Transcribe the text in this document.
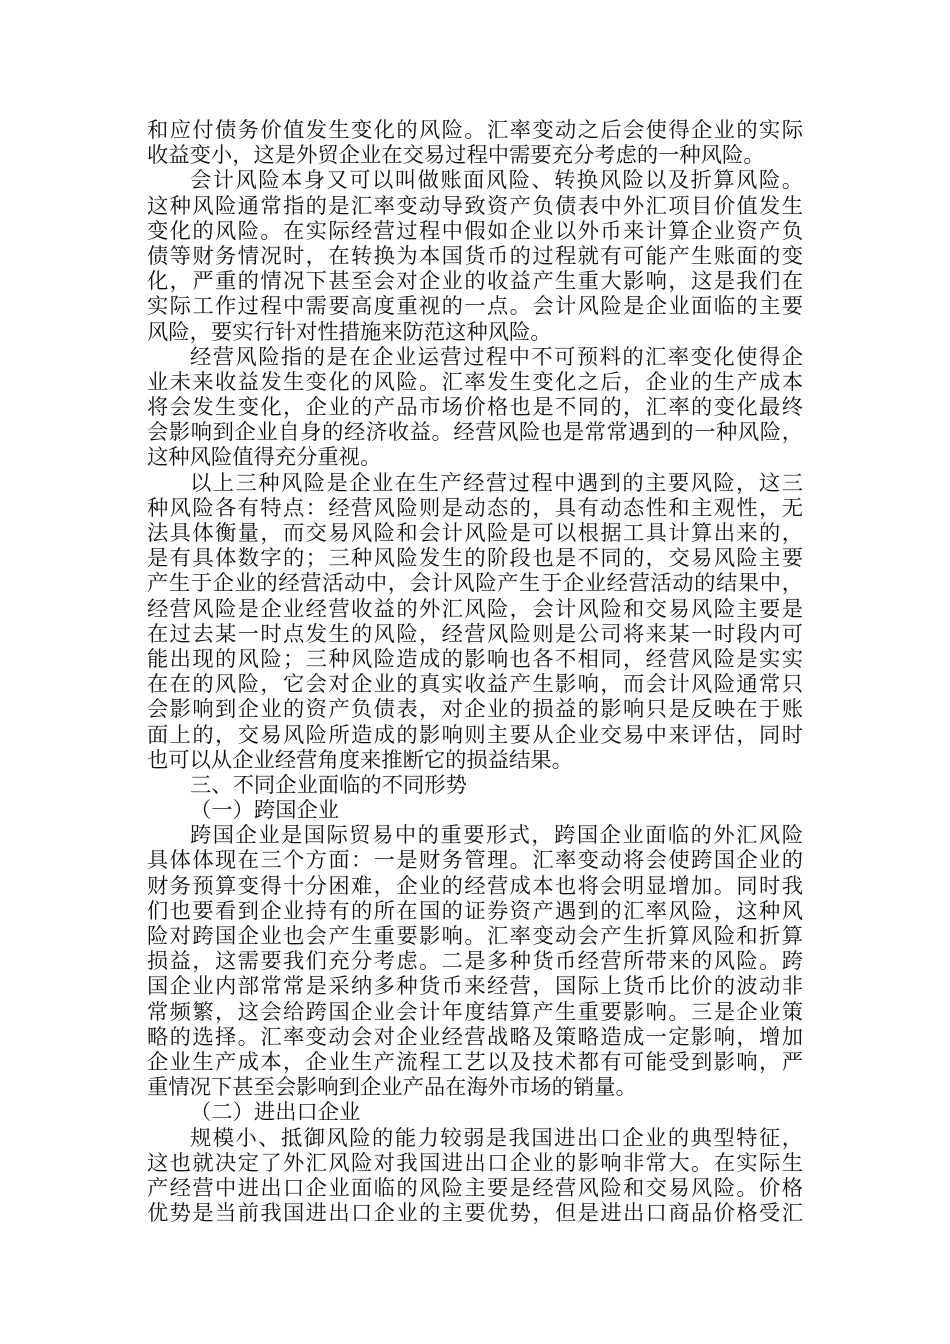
和应付债务价值发生变化的风险。汇率变动之后会使得企业的实际
收益变小，这是外贸企业在交易过程中需要充分考虑的一种风险。
会计风险本身又可以叫做账面风险、转换风险以及折算风险。
这种风险通常指的是汇率变动导致资产负债表中外汇项目价值发生
变化的风险。在实际经营过程中假如企业以外币来计算企业资产负
债等财务情况时，在转换为本国货币的过程就有可能产生账面的变
化，严重的情况下甚至会对企业的收益产生重大影响，这是我们在
实际工作过程中需要高度重视的一点。会计风险是企业面临的主要
风险，要实行针对性措施来防范这种风险。
经营风险指的是在企业运营过程中不可预料的汇率变化使得企
业未来收益发生变化的风险。汇率发生变化之后，企业的生产成本
将会发生变化，企业的产品市场价格也是不同的，汇率的变化最终
会影响到企业自身的经济收益。经营风险也是常常遇到的一种风险，
这种风险值得充分重视。
以上三种风险是企业在生产经营过程中遇到的主要风险，这三
种风险各有特点：经营风险则是动态的，具有动态性和主观性，无
法具体衡量，而交易风险和会计风险是可以根据工具计算出来的，
是有具体数字的；三种风险发生的阶段也是不同的，交易风险主要
产生于企业的经营活动中，会计风险产生于企业经营活动的结果中，
经营风险是企业经营收益的外汇风险，会计风险和交易风险主要是
在过去某一时点发生的风险，经营风险则是公司将来某一时段内可
能出现的风险；三种风险造成的影响也各不相同，经营风险是实实
在在的风险，它会对企业的真实收益产生影响，而会计风险通常只
会影响到企业的资产负债表，对企业的损益的影响只是反映在于账
面上的，交易风险所造成的影响则主要从企业交易中来评估，同时
也可以从企业经营角度来推断它的损益结果。
三、不同企业面临的不同形势
（一）跨国企业
跨国企业是国际贸易中的重要形式，跨国企业面临的外汇风险
具体体现在三个方面：一是财务管理。汇率变动将会使跨国企业的
财务预算变得十分困难，企业的经营成本也将会明显增加。同时我
们也要看到企业持有的所在国的证券资产遇到的汇率风险，这种风
险对跨国企业也会产生重要影响。汇率变动会产生折算风险和折算
损益，这需要我们充分考虑。二是多种货币经营所带来的风险。跨
国企业内部常常是采纳多种货币来经营，国际上货币比价的波动非
常频繁，这会给跨国企业会计年度结算产生重要影响。三是企业策
略的选择。汇率变动会对企业经营战略及策略造成一定影响，增加
企业生产成本，企业生产流程工艺以及技术都有可能受到影响，严
重情况下甚至会影响到企业产品在海外市场的销量。
（二）进出口企业
规模小、抵御风险的能力较弱是我国进出口企业的典型特征，
这也就决定了外汇风险对我国进出口企业的影响非常大。在实际生
产经营中进出口企业面临的风险主要是经营风险和交易风险。价格
优势是当前我国进出口企业的主要优势，但是进出口商品价格受汇
